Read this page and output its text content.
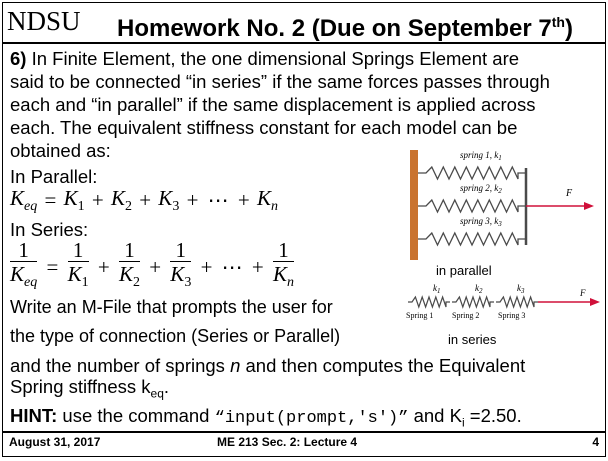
NDSU Homework No. 2 (Due on September 7th)
6) In Finite Element, the one dimensional Springs Element are
said to be connected “in series” if the same forces passes through
each and “in parallel” if the same displacement is applied across
each. The equivalent stiffness constant for each model can be
obtained as:
In Parallel:
$K_{eq} = K_1 + K_2 + K_3$ + ⋯ + $K_n$
In Series:
$\frac{1}{K_{eq}} = \frac{1}{K_1} + \frac{1}{K_2} + \frac{1}{K_3}$ + ⋯ + $\frac{1}{K_n}$
Write an M-File that prompts the user for
the type of connection (Series or Parallel)
and the number of springs n and then computes the Equivalent
Spring stiffness $k_{eq}$.
HINT: use the command “input(prompt,'s')” and $K_i =2.50$.
August 31, 2017	ME 213 Sec. 2: Lecture 4	4
spring 1, $k_1$
spring 2, $k_2$
spring 3, $k_3$
F
in parallel
$k_1$	$k_2$	$k_3$	F
Spring 1 Spring 2 Spring 3
in series
